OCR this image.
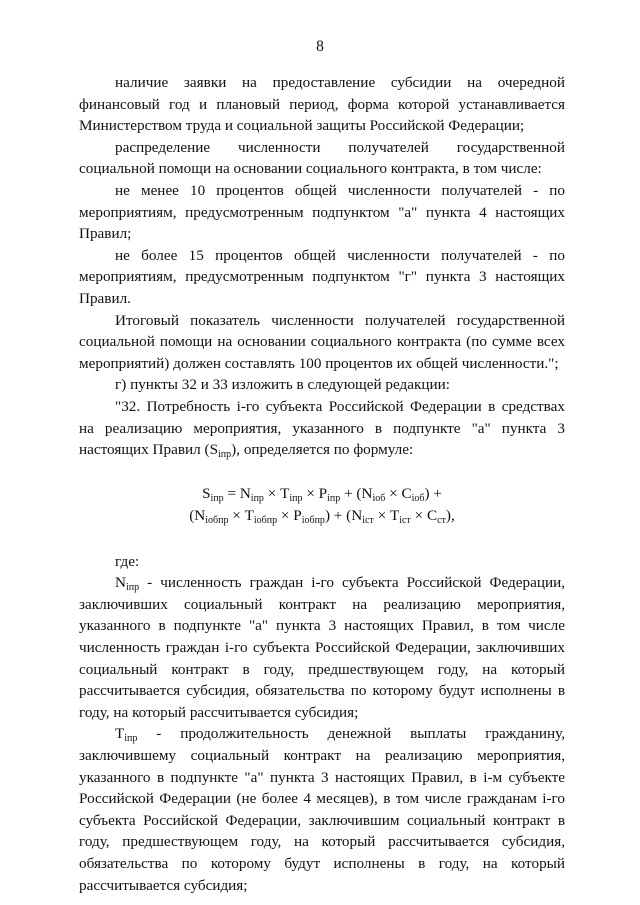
8

наличие заявки на предоставление субсидии на очередной финансовый год и плановый период, форма которой устанавливается Министерством труда и социальной защиты Российской Федерации;

распределение численности получателей государственной социальной помощи на основании социального контракта, в том числе:

не менее 10 процентов общей численности получателей - по мероприятиям, предусмотренным подпунктом "а" пункта 4 настоящих Правил;

не более 15 процентов общей численности получателей - по мероприятиям, предусмотренным подпунктом "г" пункта 3 настоящих Правил.

Итоговый показатель численности получателей государственной социальной помощи на основании социального контракта (по сумме всех мероприятий) должен составлять 100 процентов их общей численности.";

г) пункты 32 и 33 изложить в следующей редакции:

"32. Потребность i-го субъекта Российской Федерации в средствах на реализацию мероприятия, указанного в подпункте "а" пункта 3 настоящих Правил $(S_{iпр})$, определяется по формуле:

$S_{iпр} = N_{iпр} \times T_{iпр} \times P_{iпр} + (N_{iоб} \times C_{iоб})$ +
$(N_{iобпр} \times T_{iобпр} \times P_{iобпр}) + (N_{iст} \times T_{iст} \times C_{ст})$,

где:

$N_{iпр}$ - численность граждан i-го субъекта Российской Федерации, заключивших социальный контракт на реализацию мероприятия, указанного в подпункте "а" пункта 3 настоящих Правил, в том числе численность граждан i-го субъекта Российской Федерации, заключивших социальный контракт в году, предшествующем году, на который рассчитывается субсидия, обязательства по которому будут исполнены в году, на который рассчитывается субсидия;

$T_{iпр}$ - продолжительность денежной выплаты гражданину, заключившему социальный контракт на реализацию мероприятия, указанного в подпункте "а" пункта 3 настоящих Правил, в i-м субъекте Российской Федерации (не более 4 месяцев), в том числе гражданам i-го субъекта Российской Федерации, заключившим социальный контракт в году, предшествующем году, на который рассчитывается субсидия, обязательства по которому будут исполнены в году, на который рассчитывается субсидия;
